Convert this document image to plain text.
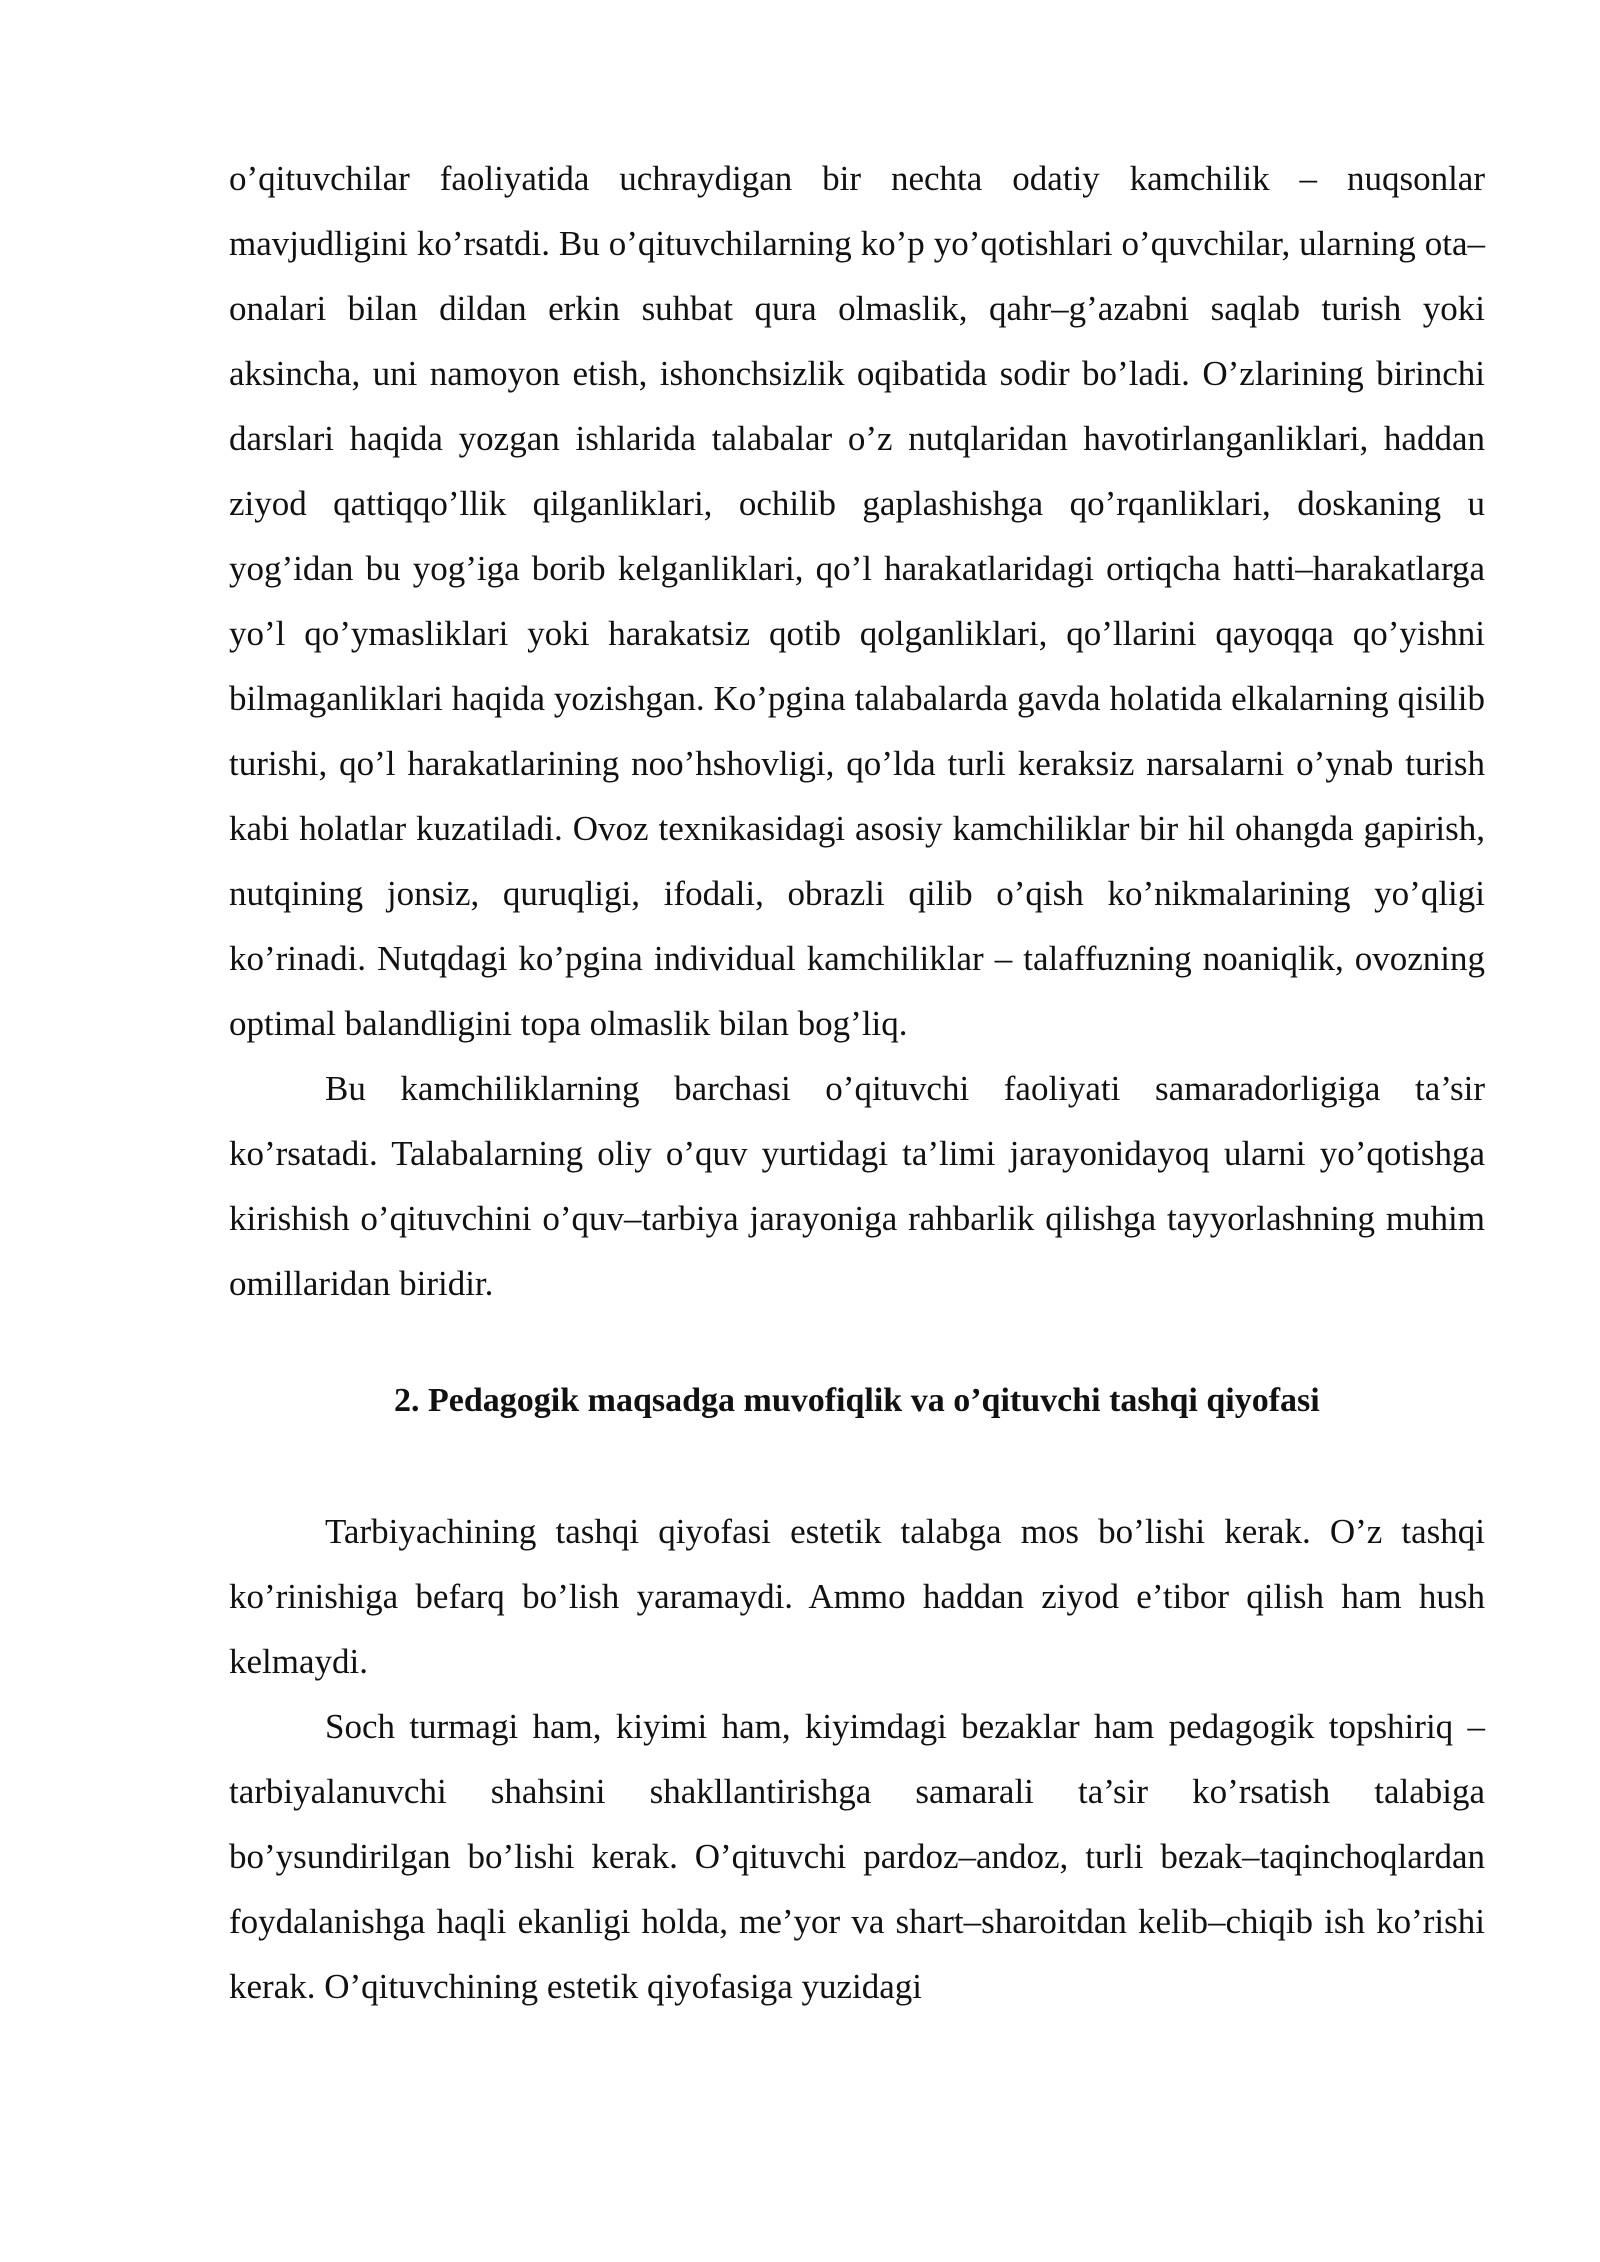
o’qituvchilar faoliyatida uchraydigan bir nechta odatiy kamchilik – nuqsonlar mavjudligini ko’rsatdi. Bu o’qituvchilarning ko’p yo’qotishlari o’quvchilar, ularning ota–onalari bilan dildan erkin suhbat qura olmaslik, qahr–g’azabni saqlab turish yoki aksincha, uni namoyon etish, ishonchsizlik oqibatida sodir bo’ladi. O’zlarining birinchi darslari haqida yozgan ishlarida talabalar o’z nutqlaridan havotirlanganliklari, haddan ziyod qattiqqo’llik qilganliklari, ochilib gaplashishga qo’rqanliklari, doskaning u yog’idan bu yog’iga borib kelganliklari, qo’l harakatlaridagi ortiqcha hatti–harakatlarga yo’l qo’ymasliklari yoki harakatsiz qotib qolganliklari, qo’llarini qayoqqa qo’yishni bilmaganliklari haqida yozishgan. Ko’pgina talabalarda gavda holatida elkalarning qisilib turishi, qo’l harakatlarining noo’hshovligi, qo’lda turli keraksiz narsalarni o’ynab turish kabi holatlar kuzatiladi. Ovoz texnikasidagi asosiy kamchiliklar bir hil ohangda gapirish, nutqining jonsiz, quruqligi, ifodali, obrazli qilib o’qish ko’nikmalarining yo’qligi ko’rinadi. Nutqdagi ko’pgina individual kamchiliklar – talaffuzning noaniqlik, ovozning optimal balandligini topa olmaslik bilan bog’liq.

Bu kamchiliklarning barchasi o’qituvchi faoliyati samaradorligiga ta’sir ko’rsatadi. Talabalarning oliy o’quv yurtidagi ta’limi jarayonidayoq ularni yo’qotishga kirishish o’qituvchini o’quv–tarbiya jarayoniga rahbarlik qilishga tayyorlashning muhim omillaridan biridir.

2. Pedagogik maqsadga muvofiqlik va o’qituvchi tashqi qiyofasi

Tarbiyachining tashqi qiyofasi estetik talabga mos bo’lishi kerak. O’z tashqi ko’rinishiga befarq bo’lish yaramaydi. Ammo haddan ziyod e’tibor qilish ham hush kelmaydi.

Soch turmagi ham, kiyimi ham, kiyimdagi bezaklar ham pedagogik topshiriq – tarbiyalanuvchi shahsini shakllantirishga samarali ta’sir ko’rsatish talabiga bo’ysundirilgan bo’lishi kerak. O’qituvchi pardoz–andoz, turli bezak–taqinchoqlardan foydalanishga haqli ekanligi holda, me’yor va shart–sharoitdan kelib–chiqib ish ko’rishi kerak. O’qituvchining estetik qiyofasiga yuzidagi
